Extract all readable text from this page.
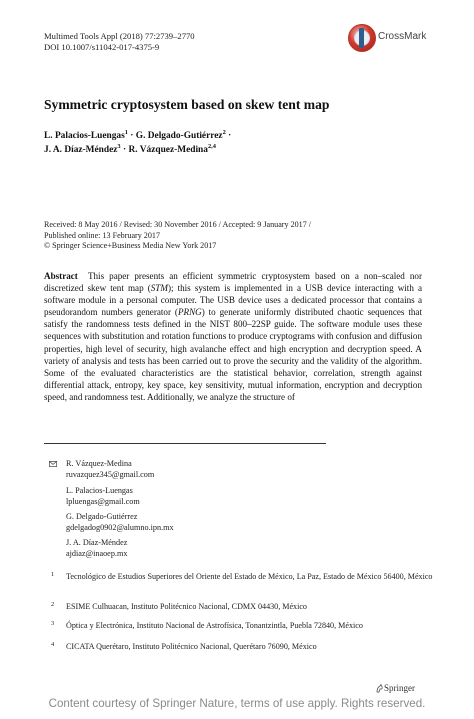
Multimed Tools Appl (2018) 77:2739–2770
DOI 10.1007/s11042-017-4375-9
CrossMark
Symmetric cryptosystem based on skew tent map
L. Palacios-Luengas$^1$ · G. Delgado-Gutiérrez$^2$ ·
J. A. Díaz-Méndez$^3$ · R. Vázquez-Medina$^{2,4}$
Received: 8 May 2016 / Revised: 30 November 2016 / Accepted: 9 January 2017 /
Published online: 13 February 2017
© Springer Science+Business Media New York 2017

Abstract This paper presents an efficient symmetric cryptosystem based on a non–scaled nor discretized skew tent map (STM); this system is implemented in a USB device interacting with a software module in a personal computer. The USB device uses a dedicated processor that contains a pseudorandom numbers generator (PRNG) to generate uniformly distributed chaotic sequences that satisfy the randomness tests defined in the NIST 800–22SP guide. The software module uses these sequences with substitution and rotation functions to produce cryptograms with confusion and diffusion properties, high level of security, high avalanche effect and high encryption and decryption speed. A variety of analysis and tests has been carried out to prove the security and the validity of the algorithm. Some of the evaluated characteristics are the statistical behavior, correlation, strength against differential attack, entropy, key space, key sensitivity, mutual information, encryption and decryption speed, and randomness test. Additionally, we analyze the structure of

R. Vázquez-Medina
ruvazquez345@gmail.com
L. Palacios-Luengas
lpluengas@gmail.com
G. Delgado-Gutiérrez
gdelgadog0902@alumno.ipn.mx
J. A. Díaz-Méndez
ajdiaz@inaoep.mx
1 Tecnológico de Estudios Superiores del Oriente del Estado de México, La Paz, Estado de México 56400, México
2 ESIME Culhuacan, Instituto Politécnico Nacional, CDMX 04430, México
3 Óptica y Electrónica, Instituto Nacional de Astrofísica, Tonantzintla, Puebla 72840, México
4 CICATA Querétaro, Instituto Politécnico Nacional, Querétaro 76090, México
Springer
Content courtesy of Springer Nature, terms of use apply. Rights reserved.
